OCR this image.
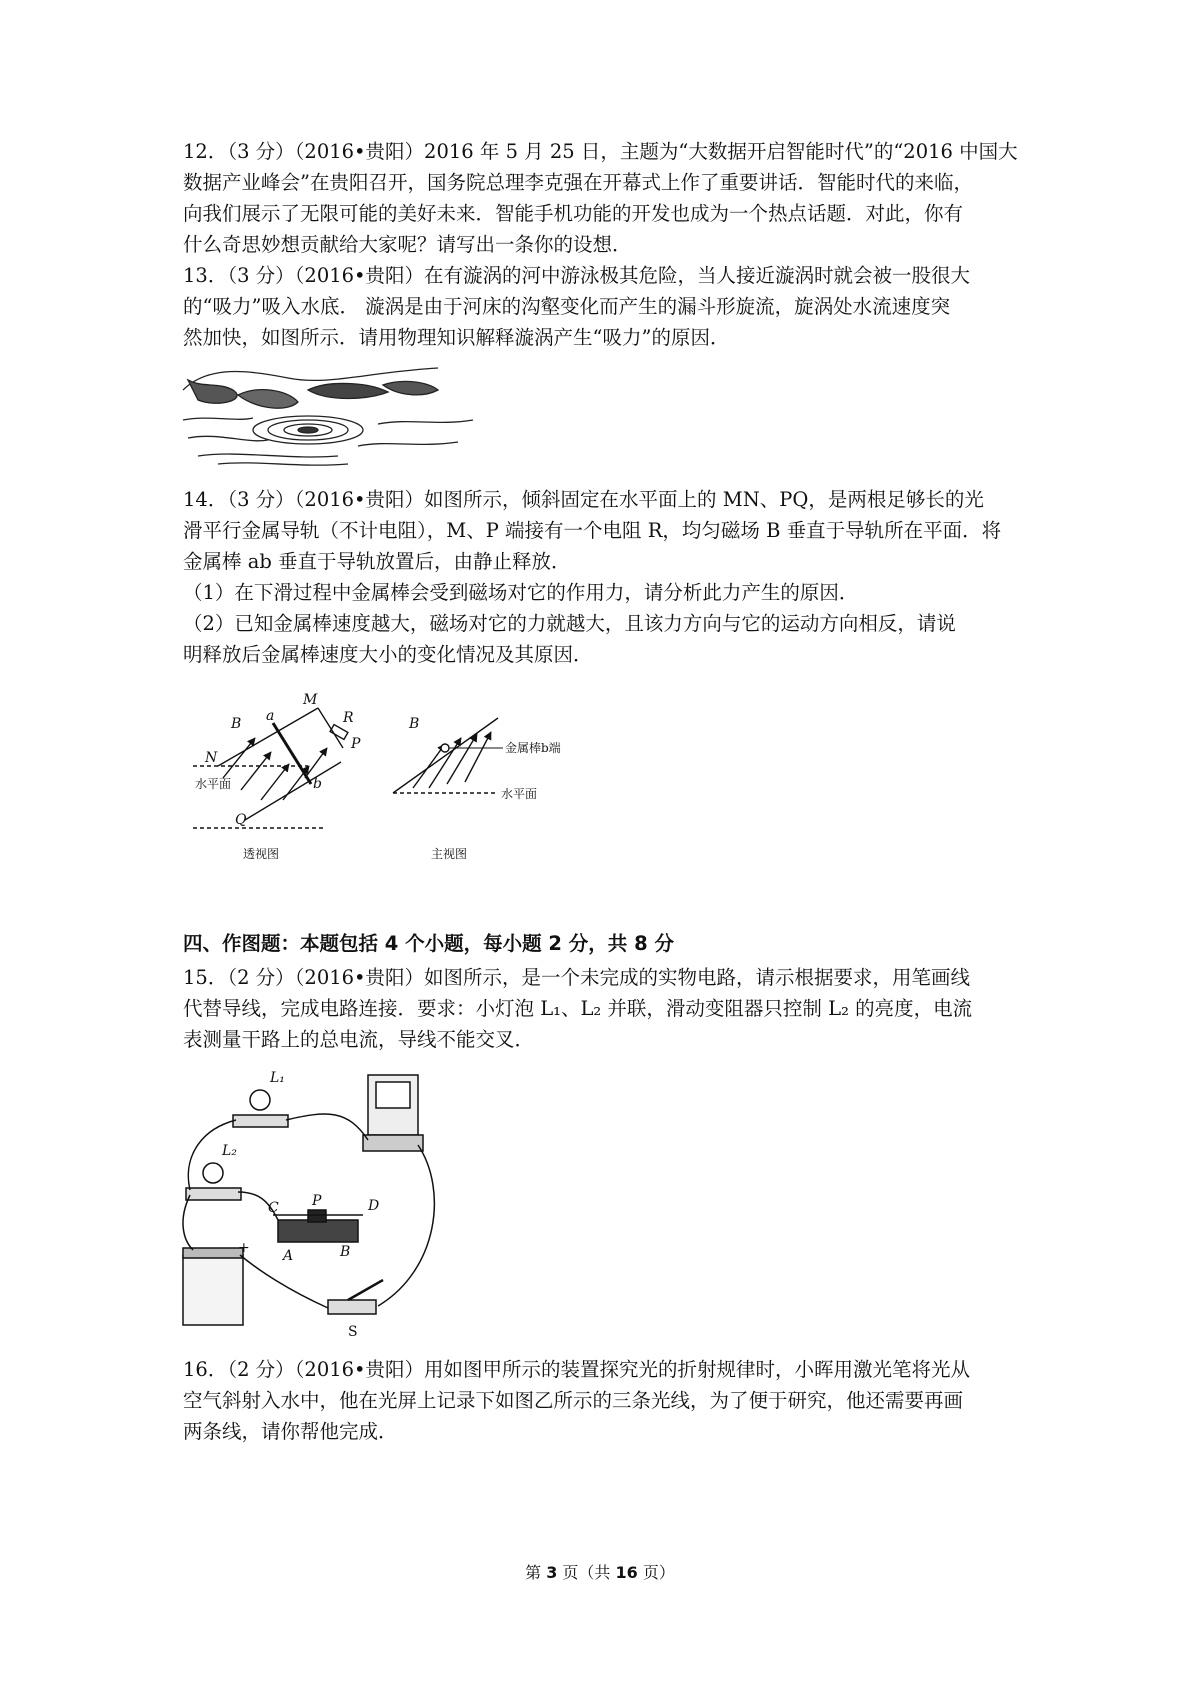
12．（3 分）（2016•贵阳）2016 年 5 月 25 日，主题为“大数据开启智能时代”的“2016 中国大

数据产业峰会”在贵阳召开，国务院总理李克强在开幕式上作了重要讲话．智能时代的来临，

向我们展示了无限可能的美好未来．智能手机功能的开发也成为一个热点话题．对此，你有

什么奇思妙想贡献给大家呢？请写出一条你的设想．

13．（3 分）（2016•贵阳）在有漩涡的河中游泳极其危险，当人接近漩涡时就会被一股很大

的“吸力”吸入水底． 漩涡是由于河床的沟壑变化而产生的漏斗形旋流，旋涡处水流速度突

然加快，如图所示．请用物理知识解释漩涡产生“吸力”的原因．

14．（3 分）（2016•贵阳）如图所示，倾斜固定在水平面上的 MN、PQ，是两根足够长的光

滑平行金属导轨（不计电阻），M、P 端接有一个电阻 R，均匀磁场 B 垂直于导轨所在平面．将

金属棒 ab 垂直于导轨放置后，由静止释放．

（1）在下滑过程中金属棒会受到磁场对它的作用力，请分析此力产生的原因．

（2）已知金属棒速度越大，磁场对它的力就越大，且该力方向与它的运动方向相反，请说

明释放后金属棒速度大小的变化情况及其原因．

M
R
P
B a
b
N
Q
B
水平面
透视图
金属棒b端
水平面
主视图
四、作图题：本题包括 4 个小题，每小题 2 分，共 8 分

15．（2 分）（2016•贵阳）如图所示，是一个未完成的实物电路，请示根据要求，用笔画线

代替导线，完成电路连接．要求：小灯泡 L₁、L₂ 并联，滑动变阻器只控制 L₂ 的亮度，电流

表测量干路上的总电流，导线不能交叉．

L₁
L₂
C P	D
A	B
+
S

16．（2 分）（2016•贵阳）用如图甲所示的装置探究光的折射规律时，小晖用激光笔将光从

空气斜射入水中，他在光屏上记录下如图乙所示的三条光线，为了便于研究，他还需要再画

两条线，请你帮他完成．

第 3 页（共 16 页）
